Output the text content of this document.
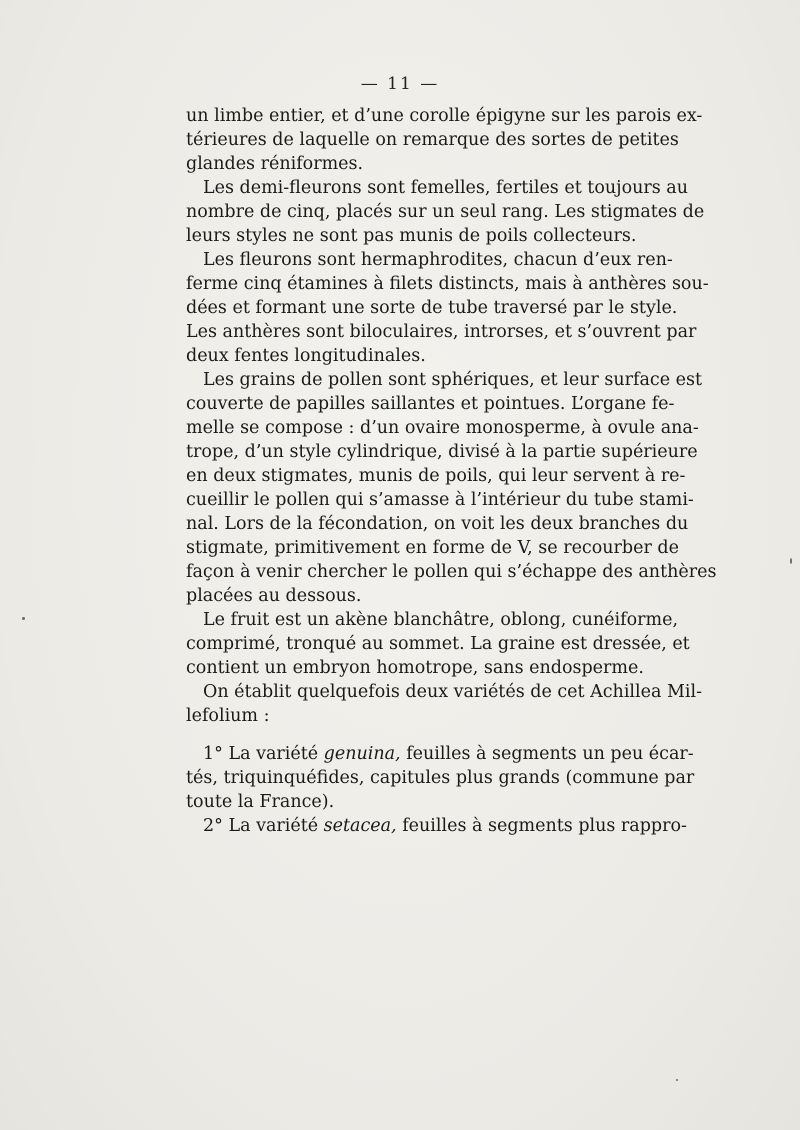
— 11 —
un limbe entier, et d’une corolle épigyne sur les parois ex-
térieures de laquelle on remarque des sortes de petites
glandes réniformes.
Les demi-fleurons sont femelles, fertiles et toujours au
nombre de cinq, placés sur un seul rang. Les stigmates de
leurs styles ne sont pas munis de poils collecteurs.
Les fleurons sont hermaphrodites, chacun d’eux ren-
ferme cinq étamines à filets distincts, mais à anthères sou-
dées et formant une sorte de tube traversé par le style.
Les anthères sont biloculaires, introrses, et s’ouvrent par
deux fentes longitudinales.
Les grains de pollen sont sphériques, et leur surface est
couverte de papilles saillantes et pointues. L’organe fe-
melle se compose : d’un ovaire monosperme, à ovule ana-
trope, d’un style cylindrique, divisé à la partie supérieure
en deux stigmates, munis de poils, qui leur servent à re-
cueillir le pollen qui s’amasse à l’intérieur du tube stami-
nal. Lors de la fécondation, on voit les deux branches du
stigmate, primitivement en forme de V, se recourber de
façon à venir chercher le pollen qui s’échappe des anthères
placées au dessous.
Le fruit est un akène blanchâtre, oblong, cunéiforme,
comprimé, tronqué au sommet. La graine est dressée, et
contient un embryon homotrope, sans endosperme.
On établit quelquefois deux variétés de cet Achillea Mil-
lefolium :
1° La variété genuina, feuilles à segments un peu écar-
tés, triquinquéfides, capitules plus grands (commune par
toute la France).
2° La variété setacea, feuilles à segments plus rappro-
